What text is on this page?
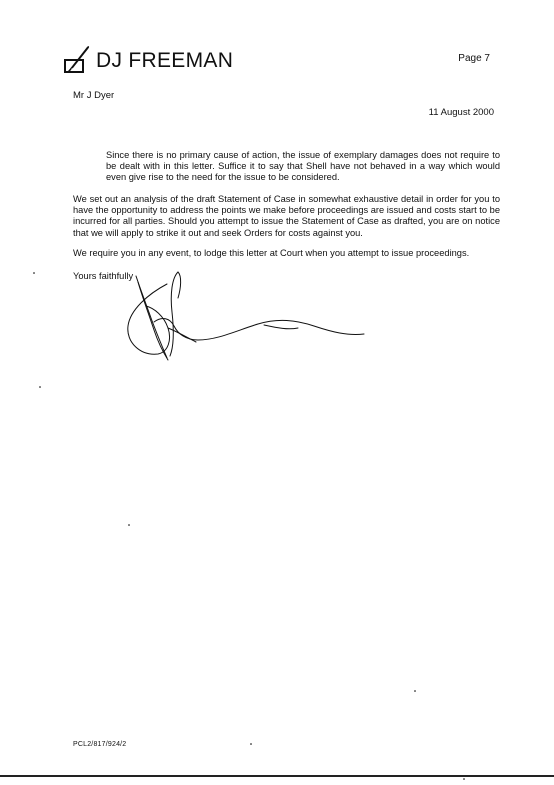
DJ FREEMAN	Page 7
Mr J Dyer
11 August 2000

Since there is no primary cause of action, the issue of exemplary damages does not require to be dealt with in this letter. Suffice it to say that Shell have not behaved in a way which would even give rise to the need for the issue to be considered.

We set out an analysis of the draft Statement of Case in somewhat exhaustive detail in order for you to have the opportunity to address the points we make before proceedings are issued and costs start to be incurred for all parties. Should you attempt to issue the Statement of Case as drafted, you are on notice that we will apply to strike it out and seek Orders for costs against you.

We require you in any event, to lodge this letter at Court when you attempt to issue proceedings.

Yours faithfully
PCL2/817/924/2
